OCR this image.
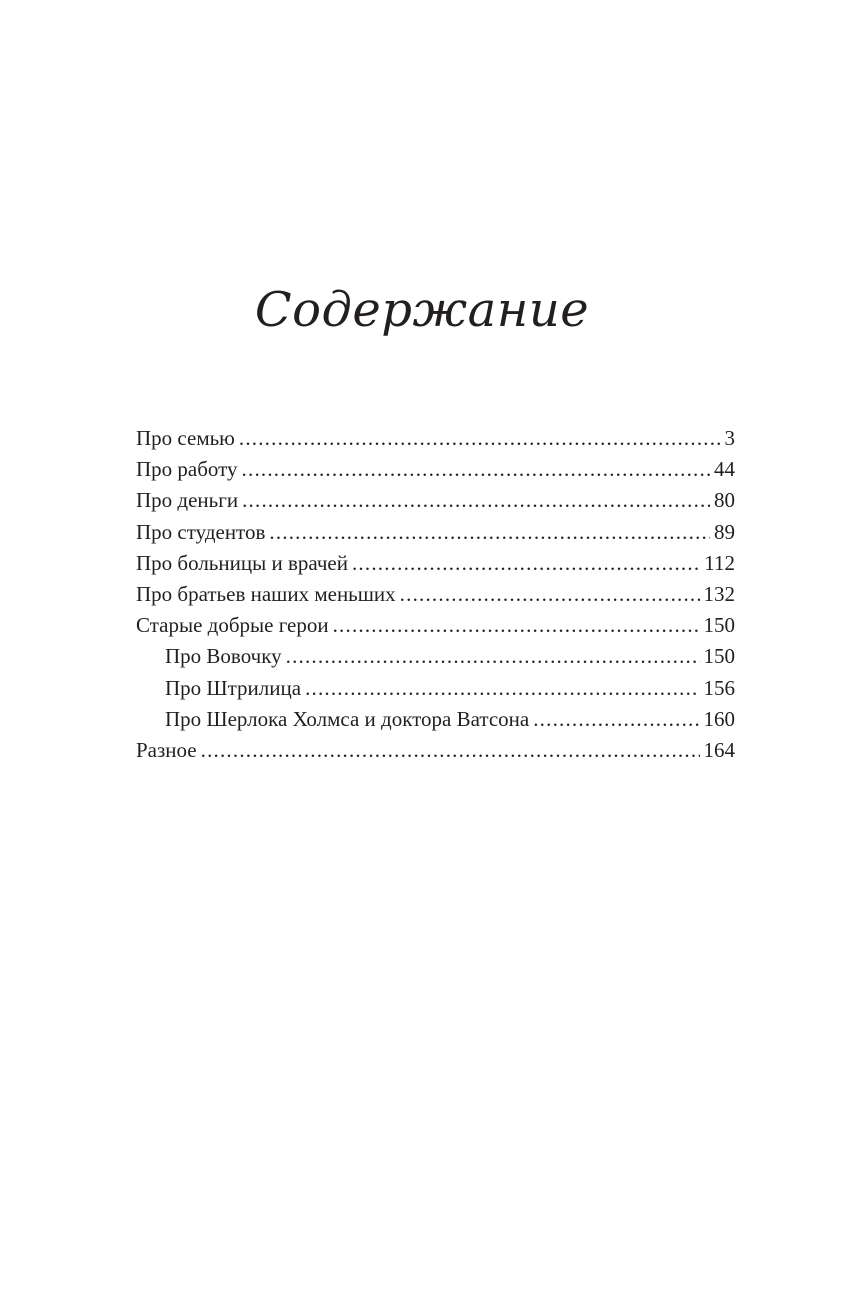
Содержание
Про семью .....	3
Про работу .....	44
Про деньги .....	80
Про студентов .....	89
Про больницы и врачей .....	112
Про братьев наших меньших .....	132
Старые добрые герои .....	150
Про Вовочку .....	150
Про Штрилица .....	156
Про Шерлока Холмса и доктора Ватсона .....	160
Разное .....	164
